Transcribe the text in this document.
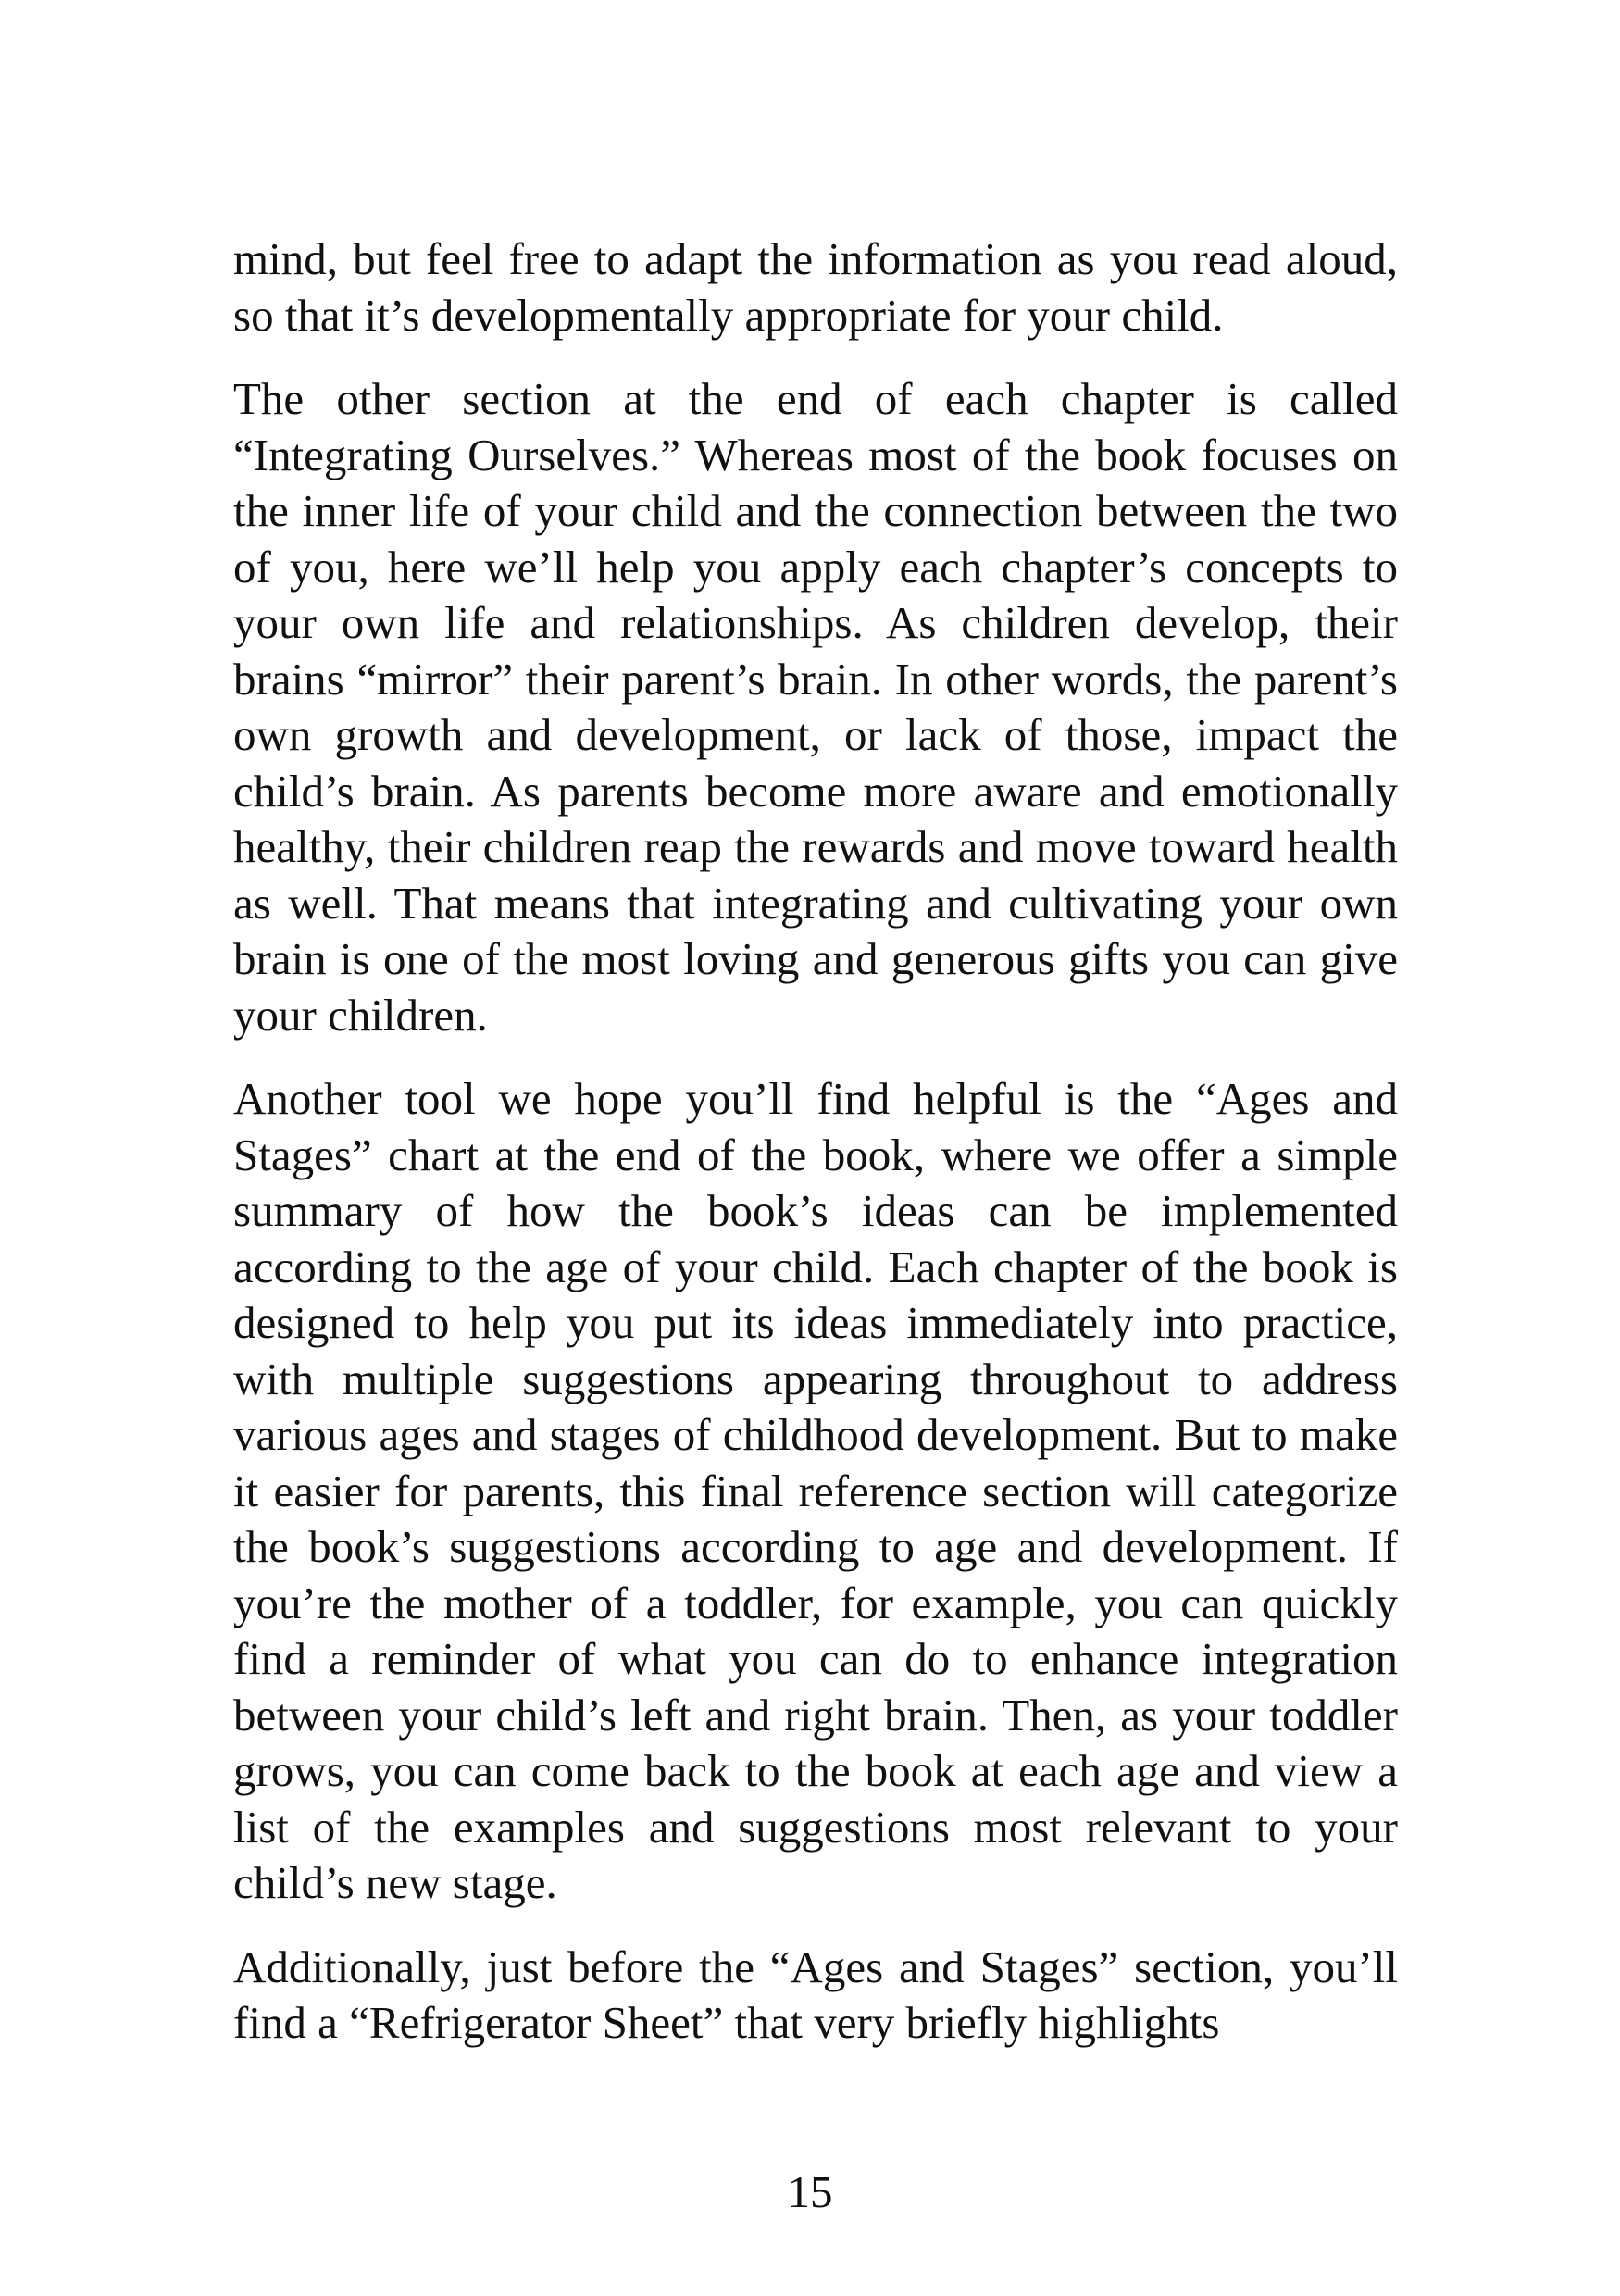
mind, but feel free to adapt the information as you read aloud, so that it’s developmentally appropriate for your child.

The other section at the end of each chapter is called “Integrating Ourselves.” Whereas most of the book focuses on the inner life of your child and the connection between the two of you, here we’ll help you apply each chapter’s concepts to your own life and relationships. As children develop, their brains “mirror” their parent’s brain. In other words, the parent’s own growth and development, or lack of those, impact the child’s brain. As parents become more aware and emotionally healthy, their children reap the rewards and move toward health as well. That means that integrating and cultivating your own brain is one of the most loving and generous gifts you can give your children.

Another tool we hope you’ll find helpful is the “Ages and Stages” chart at the end of the book, where we offer a simple summary of how the book’s ideas can be implemented according to the age of your child. Each chapter of the book is designed to help you put its ideas immediately into practice, with multiple suggestions appearing throughout to address various ages and stages of childhood development. But to make it easier for parents, this final reference section will categorize the book’s suggestions according to age and development. If you’re the mother of a toddler, for example, you can quickly find a reminder of what you can do to enhance integration between your child’s left and right brain. Then, as your toddler grows, you can come back to the book at each age and view a list of the examples and suggestions most relevant to your child’s new stage.

Additionally, just before the “Ages and Stages” section, you’ll find a “Refrigerator Sheet” that very briefly highlights

15
